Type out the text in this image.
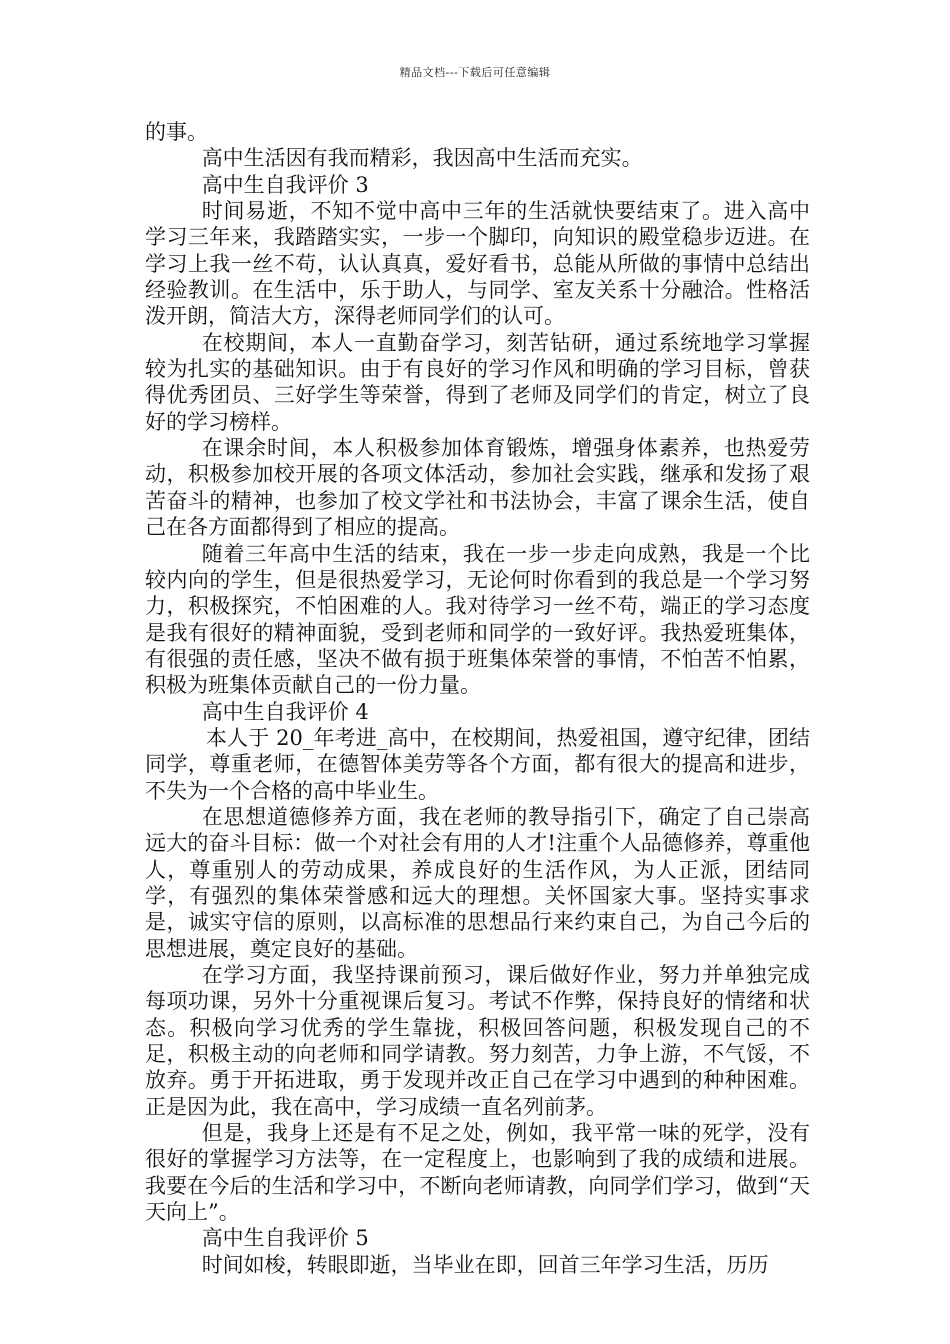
精品文档---下载后可任意编辑

的事。

高中生活因有我而精彩，我因高中生活而充实。

高中生自我评价 3

时间易逝，不知不觉中高中三年的生活就快要结束了。进入高中学习三年来，我踏踏实实，一步一个脚印，向知识的殿堂稳步迈进。在学习上我一丝不苟，认认真真，爱好看书，总能从所做的事情中总结出经验教训。在生活中，乐于助人，与同学、室友关系十分融洽。性格活泼开朗，简洁大方，深得老师同学们的认可。

在校期间，本人一直勤奋学习，刻苦钻研，通过系统地学习掌握较为扎实的基础知识。由于有良好的学习作风和明确的学习目标，曾获得优秀团员、三好学生等荣誉，得到了老师及同学们的肯定，树立了良好的学习榜样。

在课余时间，本人积极参加体育锻炼，增强身体素养，也热爱劳动，积极参加校开展的各项文体活动，参加社会实践，继承和发扬了艰苦奋斗的精神，也参加了校文学社和书法协会，丰富了课余生活，使自己在各方面都得到了相应的提高。

随着三年高中生活的结束，我在一步一步走向成熟，我是一个比较内向的学生，但是很热爱学习，无论何时你看到的我总是一个学习努力，积极探究，不怕困难的人。我对待学习一丝不苟，端正的学习态度是我有很好的精神面貌，受到老师和同学的一致好评。我热爱班集体，有很强的责任感，坚决不做有损于班集体荣誉的事情，不怕苦不怕累，积极为班集体贡献自己的一份力量。

高中生自我评价 4

本人于 20_年考进_高中，在校期间，热爱祖国，遵守纪律，团结同学，尊重老师，在德智体美劳等各个方面，都有很大的提高和进步，不失为一个合格的高中毕业生。

在思想道德修养方面，我在老师的教导指引下，确定了自己崇高远大的奋斗目标：做一个对社会有用的人才!注重个人品德修养，尊重他人，尊重别人的劳动成果，养成良好的生活作风，为人正派，团结同学，有强烈的集体荣誉感和远大的理想。关怀国家大事。坚持实事求是，诚实守信的原则，以高标准的思想品行来约束自己，为自己今后的思想进展，奠定良好的基础。

在学习方面，我坚持课前预习，课后做好作业，努力并单独完成每项功课，另外十分重视课后复习。考试不作弊，保持良好的情绪和状态。积极向学习优秀的学生靠拢，积极回答问题，积极发现自己的不足，积极主动的向老师和同学请教。努力刻苦，力争上游，不气馁，不放弃。勇于开拓进取，勇于发现并改正自己在学习中遇到的种种困难。正是因为此，我在高中，学习成绩一直名列前茅。

但是，我身上还是有不足之处，例如，我平常一味的死学，没有很好的掌握学习方法等，在一定程度上，也影响到了我的成绩和进展。我要在今后的生活和学习中，不断向老师请教，向同学们学习，做到“天天向上”。

高中生自我评价 5

时间如梭，转眼即逝，当毕业在即，回首三年学习生活，历历
